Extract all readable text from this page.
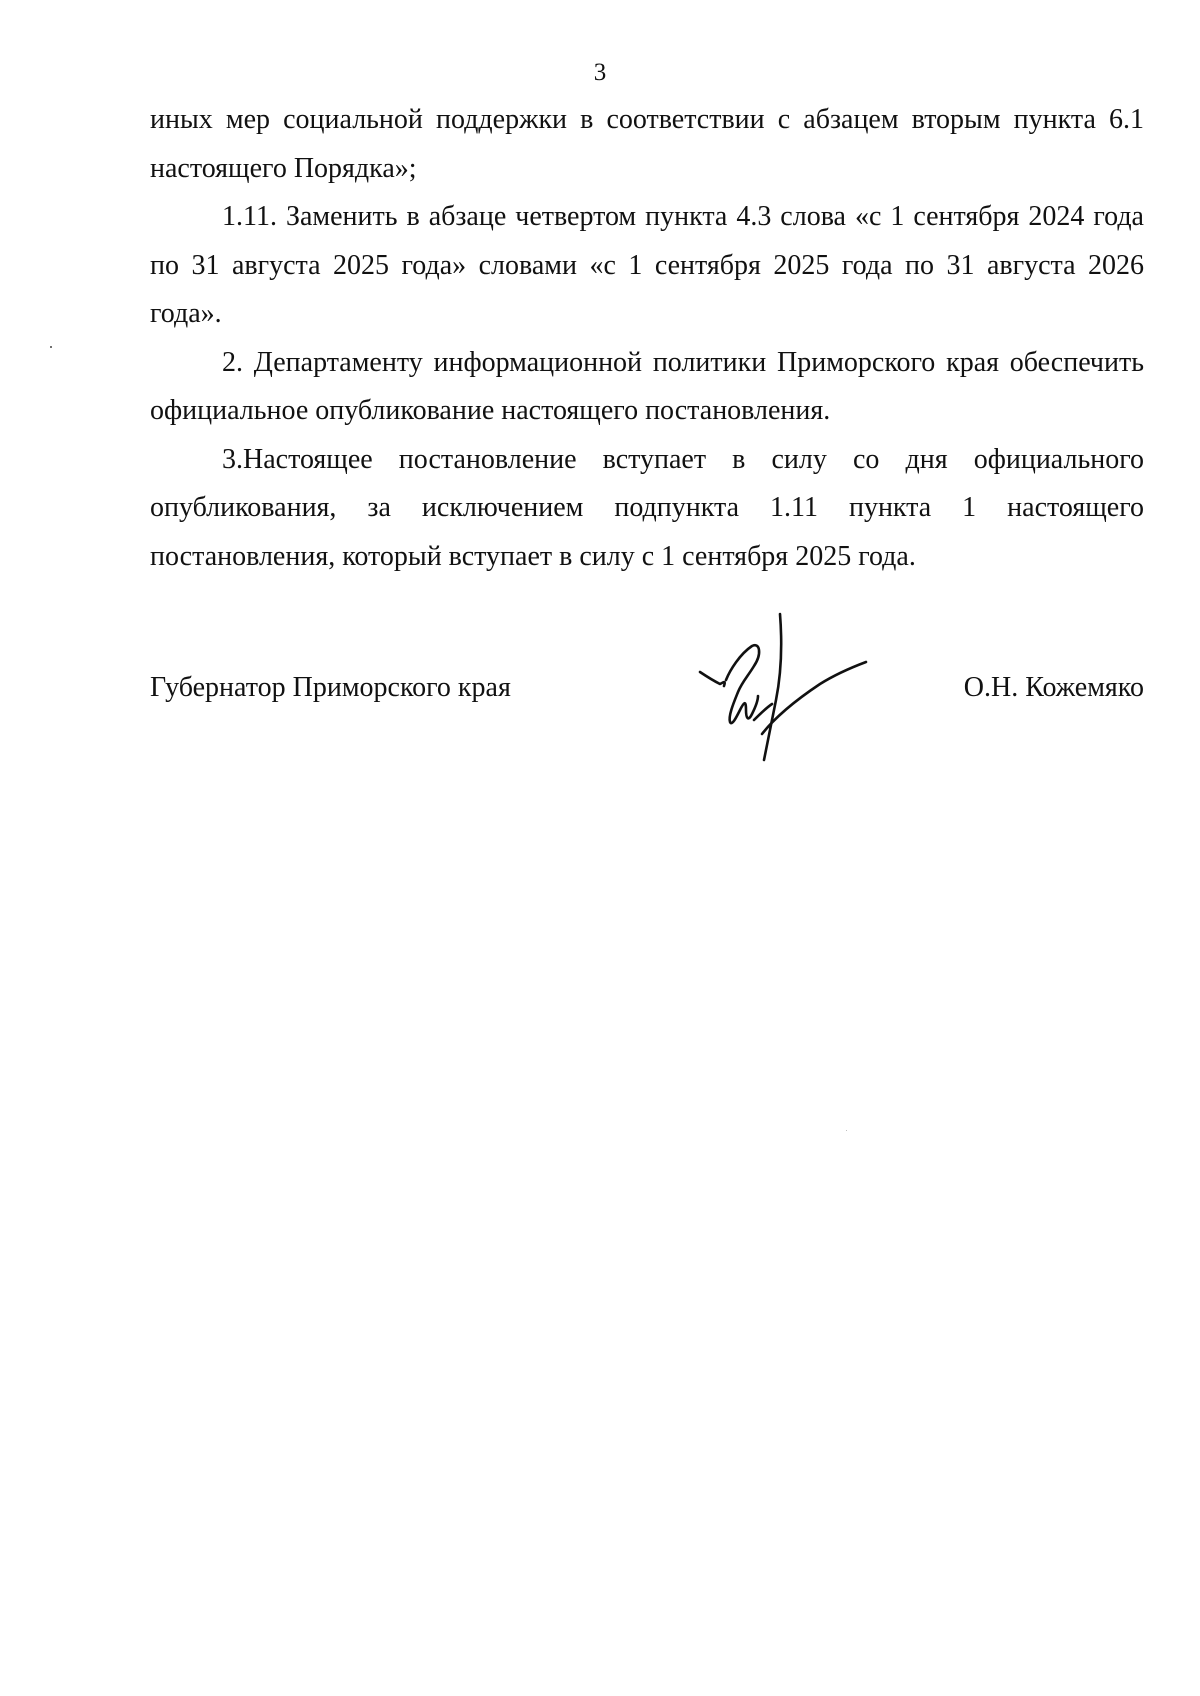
3

иных мер социальной поддержки в соответствии с абзацем вторым пункта 6.1 настоящего Порядка»;

1.11. Заменить в абзаце четвертом пункта 4.3 слова «с 1 сентября 2024 года по 31 августа 2025 года» словами «с 1 сентября 2025 года по 31 августа 2026 года».

2. Департаменту информационной политики Приморского края обеспечить официальное опубликование настоящего постановления.

3.Настоящее постановление вступает в силу со дня официального опубликования, за исключением подпункта 1.11 пункта 1 настоящего постановления, который вступает в силу с 1 сентября 2025 года.

Губернатор Приморского края	О.Н. Кожемяко
